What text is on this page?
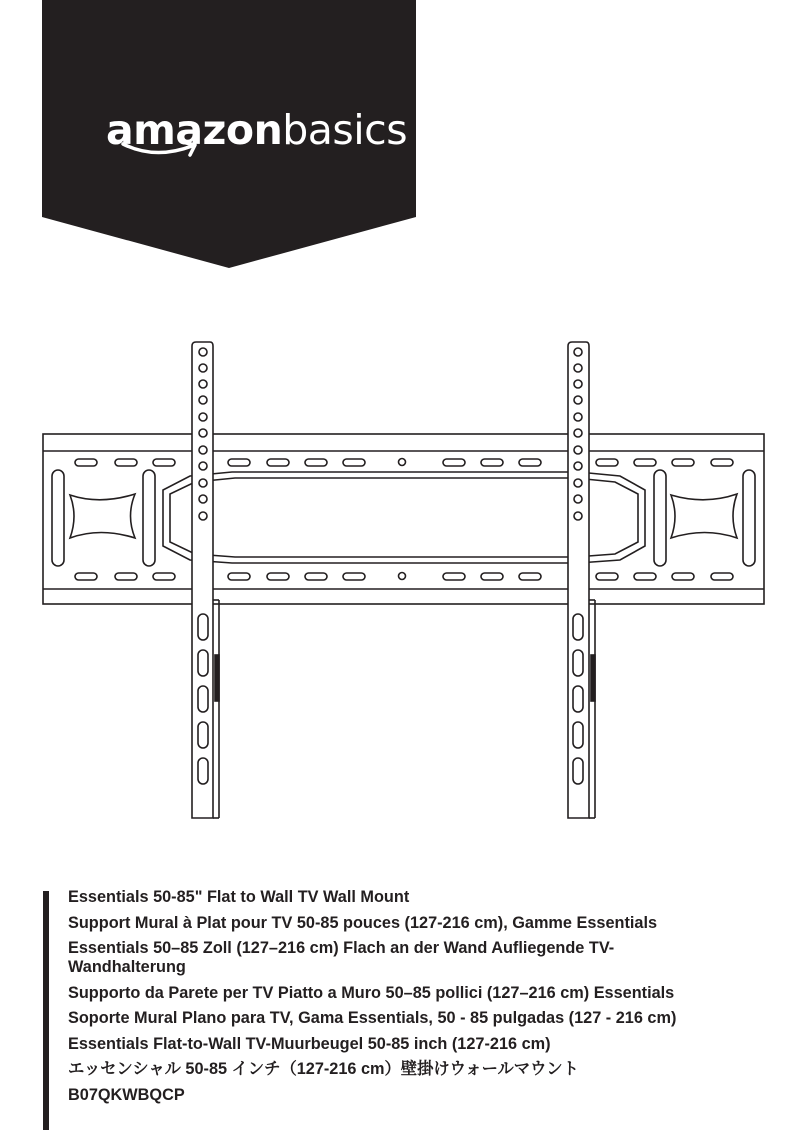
amazonbasics
Essentials 50-85" Flat to Wall TV Wall Mount
Support Mural à Plat pour TV 50-85 pouces (127-216 cm), Gamme Essentials
Essentials 50–85 Zoll (127–216 cm) Flach an der Wand Aufliegende TV-Wandhalterung
Supporto da Parete per TV Piatto a Muro 50–85 pollici (127–216 cm) Essentials
Soporte Mural Plano para TV, Gama Essentials, 50 - 85 pulgadas (127 - 216 cm)
Essentials Flat-to-Wall TV-Muurbeugel 50-85 inch (127-216 cm)
エッセンシャル 50-85 インチ（127-216 cm）壁掛けウォールマウント
B07QKWBQCP
